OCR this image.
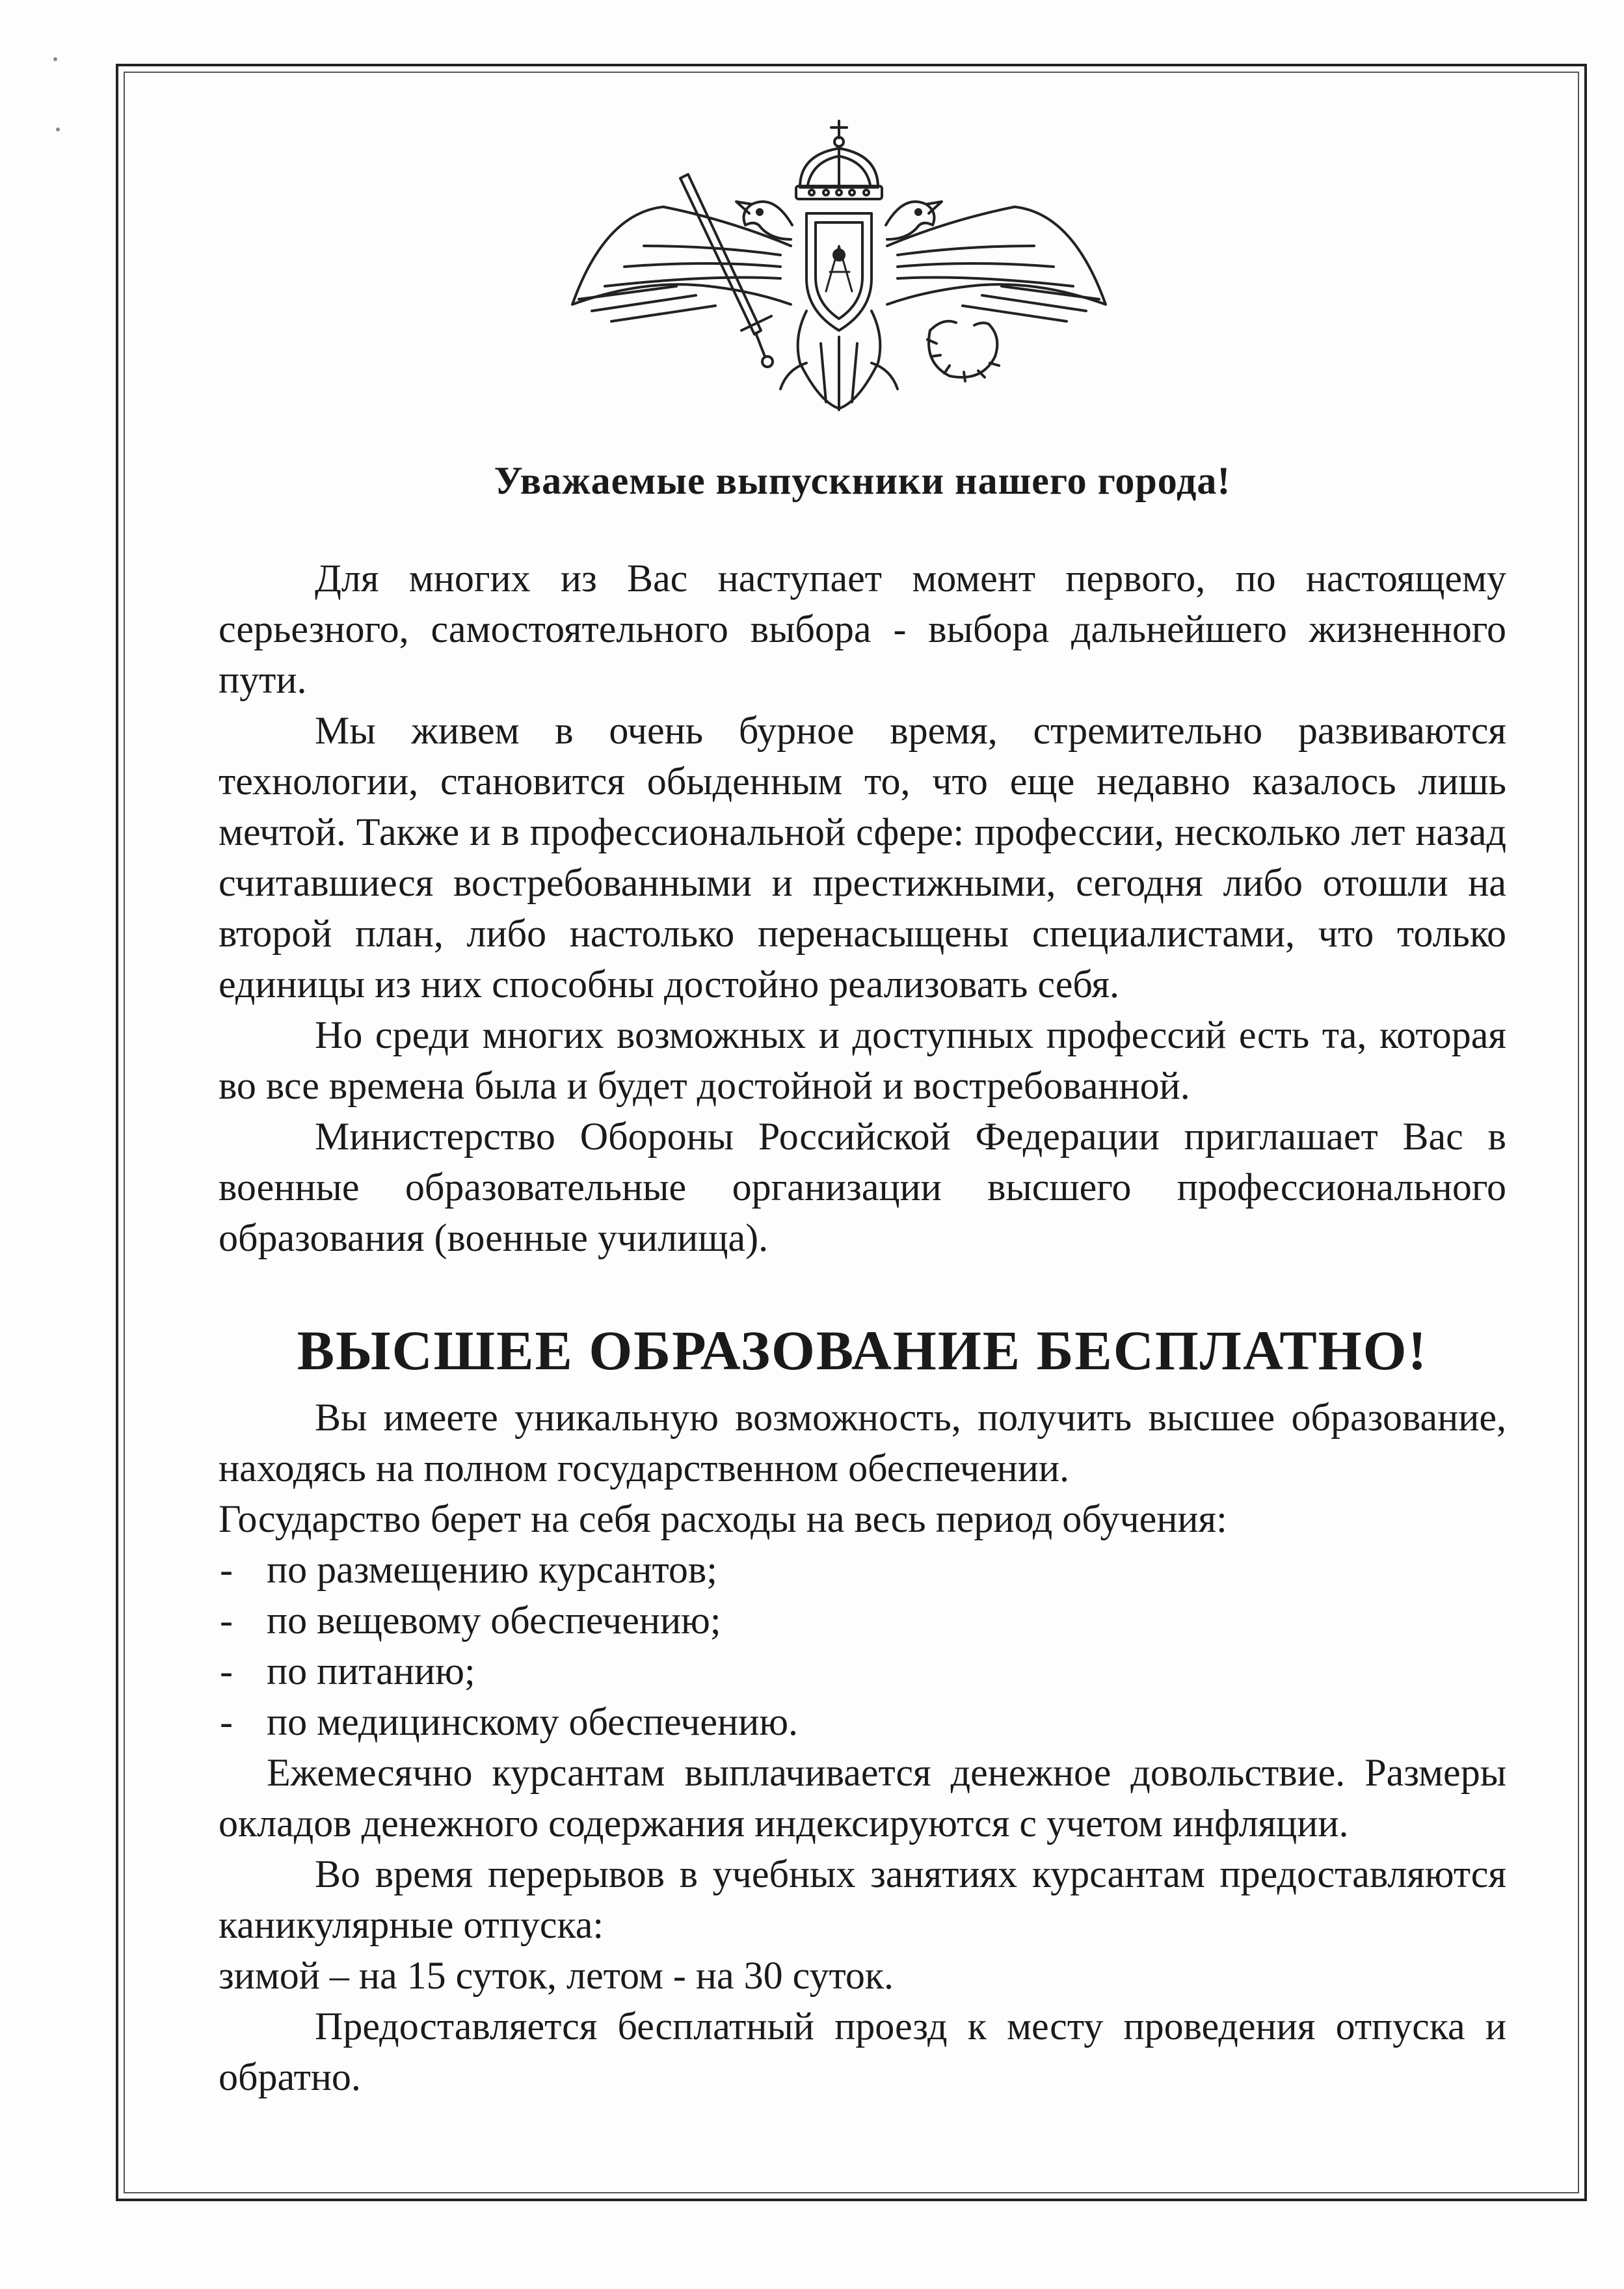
Уважаемые выпускники нашего города!

Для многих из Вас наступает момент первого, по настоящему серьезного, самостоятельного выбора - выбора дальнейшего жизненного пути.

Мы живем в очень бурное время, стремительно развиваются технологии, становится обыденным то, что еще недавно казалось лишь мечтой. Также и в профессиональной сфере: профессии, несколько лет назад считавшиеся востребованными и престижными, сегодня либо отошли на второй план, либо настолько перенасыщены специалистами, что только единицы из них способны достойно реализовать себя.

Но среди многих возможных и доступных профессий есть та, которая во все времена была и будет достойной и востребованной.

Министерство Обороны Российской Федерации приглашает Вас в военные образовательные организации высшего профессионального образования (военные училища).

ВЫСШЕЕ ОБРАЗОВАНИЕ БЕСПЛАТНО!

Вы имеете уникальную возможность, получить высшее образование, находясь на полном государственном обеспечении.

Государство берет на себя расходы на весь период обучения:

- по размещению курсантов;
- по вещевому обеспечению;
- по питанию;
- по медицинскому обеспечению.

Ежемесячно курсантам выплачивается денежное довольствие. Размеры окладов денежного содержания индексируются с учетом инфляции.

Во время перерывов в учебных занятиях курсантам предоставляются каникулярные отпуска:

зимой – на 15 суток, летом - на 30 суток.

Предоставляется бесплатный проезд к месту проведения отпуска и обратно.
